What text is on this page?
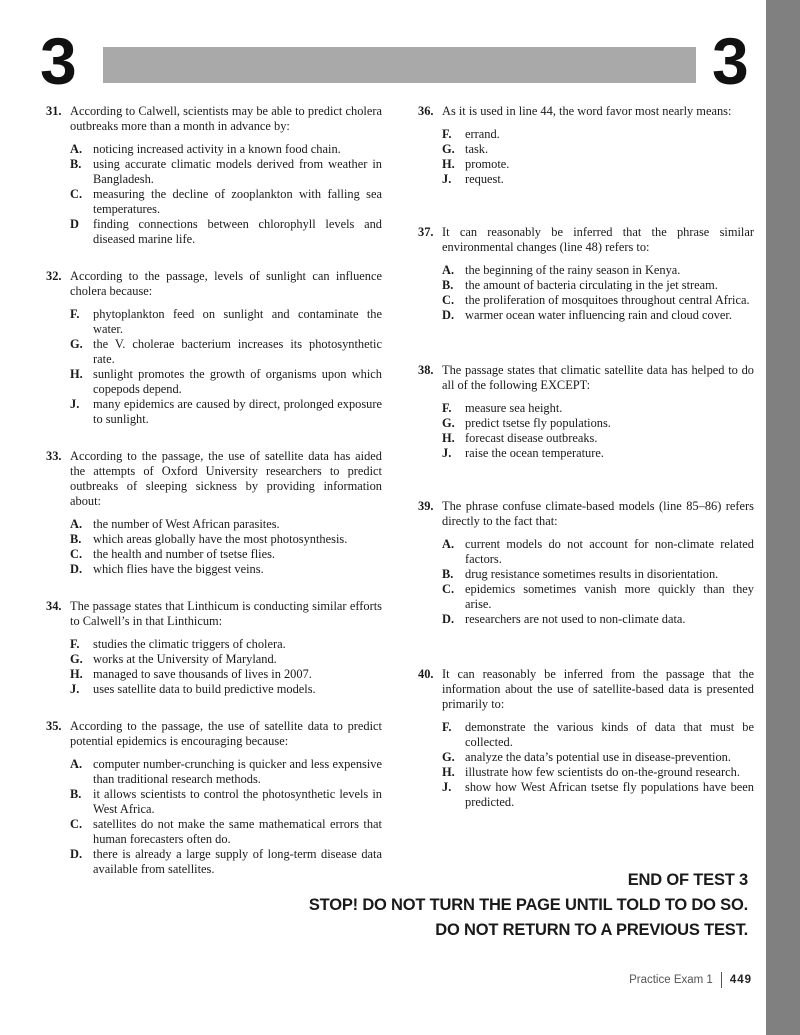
3	3
31. According to Calwell, scientists may be able to predict cholera outbreaks more than a month in advance by:
A. noticing increased activity in a known food chain.
B. using accurate climatic models derived from weather in Bangladesh.
C. measuring the decline of zooplankton with falling sea temperatures.
D finding connections between chlorophyll levels and diseased marine life.
32. According to the passage, levels of sunlight can influence cholera because:
F. phytoplankton feed on sunlight and contaminate the water.
G. the V. cholerae bacterium increases its photosynthetic rate.
H. sunlight promotes the growth of organisms upon which copepods depend.
J. many epidemics are caused by direct, prolonged exposure to sunlight.
33. According to the passage, the use of satellite data has aided the attempts of Oxford University researchers to predict outbreaks of sleeping sickness by providing information about:
A. the number of West African parasites.
B. which areas globally have the most photosynthesis.
C. the health and number of tsetse flies.
D. which flies have the biggest veins.
34. The passage states that Linthicum is conducting similar efforts to Calwell’s in that Linthicum:
F. studies the climatic triggers of cholera.
G. works at the University of Maryland.
H. managed to save thousands of lives in 2007.
J. uses satellite data to build predictive models.
35. According to the passage, the use of satellite data to predict potential epidemics is encouraging because:
A. computer number-crunching is quicker and less expensive than traditional research methods.
B. it allows scientists to control the photosynthetic levels in West Africa.
C. satellites do not make the same mathematical errors that human forecasters often do.
D. there is already a large supply of long-term disease data available from satellites.
36. As it is used in line 44, the word favor most nearly means:
F. errand.
G. task.
H. promote.
J. request.
37. It can reasonably be inferred that the phrase similar environmental changes (line 48) refers to:
A. the beginning of the rainy season in Kenya.
B. the amount of bacteria circulating in the jet stream.
C. the proliferation of mosquitoes throughout central Africa.
D. warmer ocean water influencing rain and cloud cover.
38. The passage states that climatic satellite data has helped to do all of the following EXCEPT:
F. measure sea height.
G. predict tsetse fly populations.
H. forecast disease outbreaks.
J. raise the ocean temperature.
39. The phrase confuse climate-based models (line 85–86) refers directly to the fact that:
A. current models do not account for non-climate related factors.
B. drug resistance sometimes results in disorientation.
C. epidemics sometimes vanish more quickly than they arise.
D. researchers are not used to non-climate data.
40. It can reasonably be inferred from the passage that the information about the use of satellite-based data is presented primarily to:
F. demonstrate the various kinds of data that must be collected.
G. analyze the data’s potential use in disease-prevention.
H. illustrate how few scientists do on-the-ground research.
J. show how West African tsetse fly populations have been predicted.
END OF TEST 3
STOP! DO NOT TURN THE PAGE UNTIL TOLD TO DO SO.
DO NOT RETURN TO A PREVIOUS TEST.
Practice Exam 1 449
